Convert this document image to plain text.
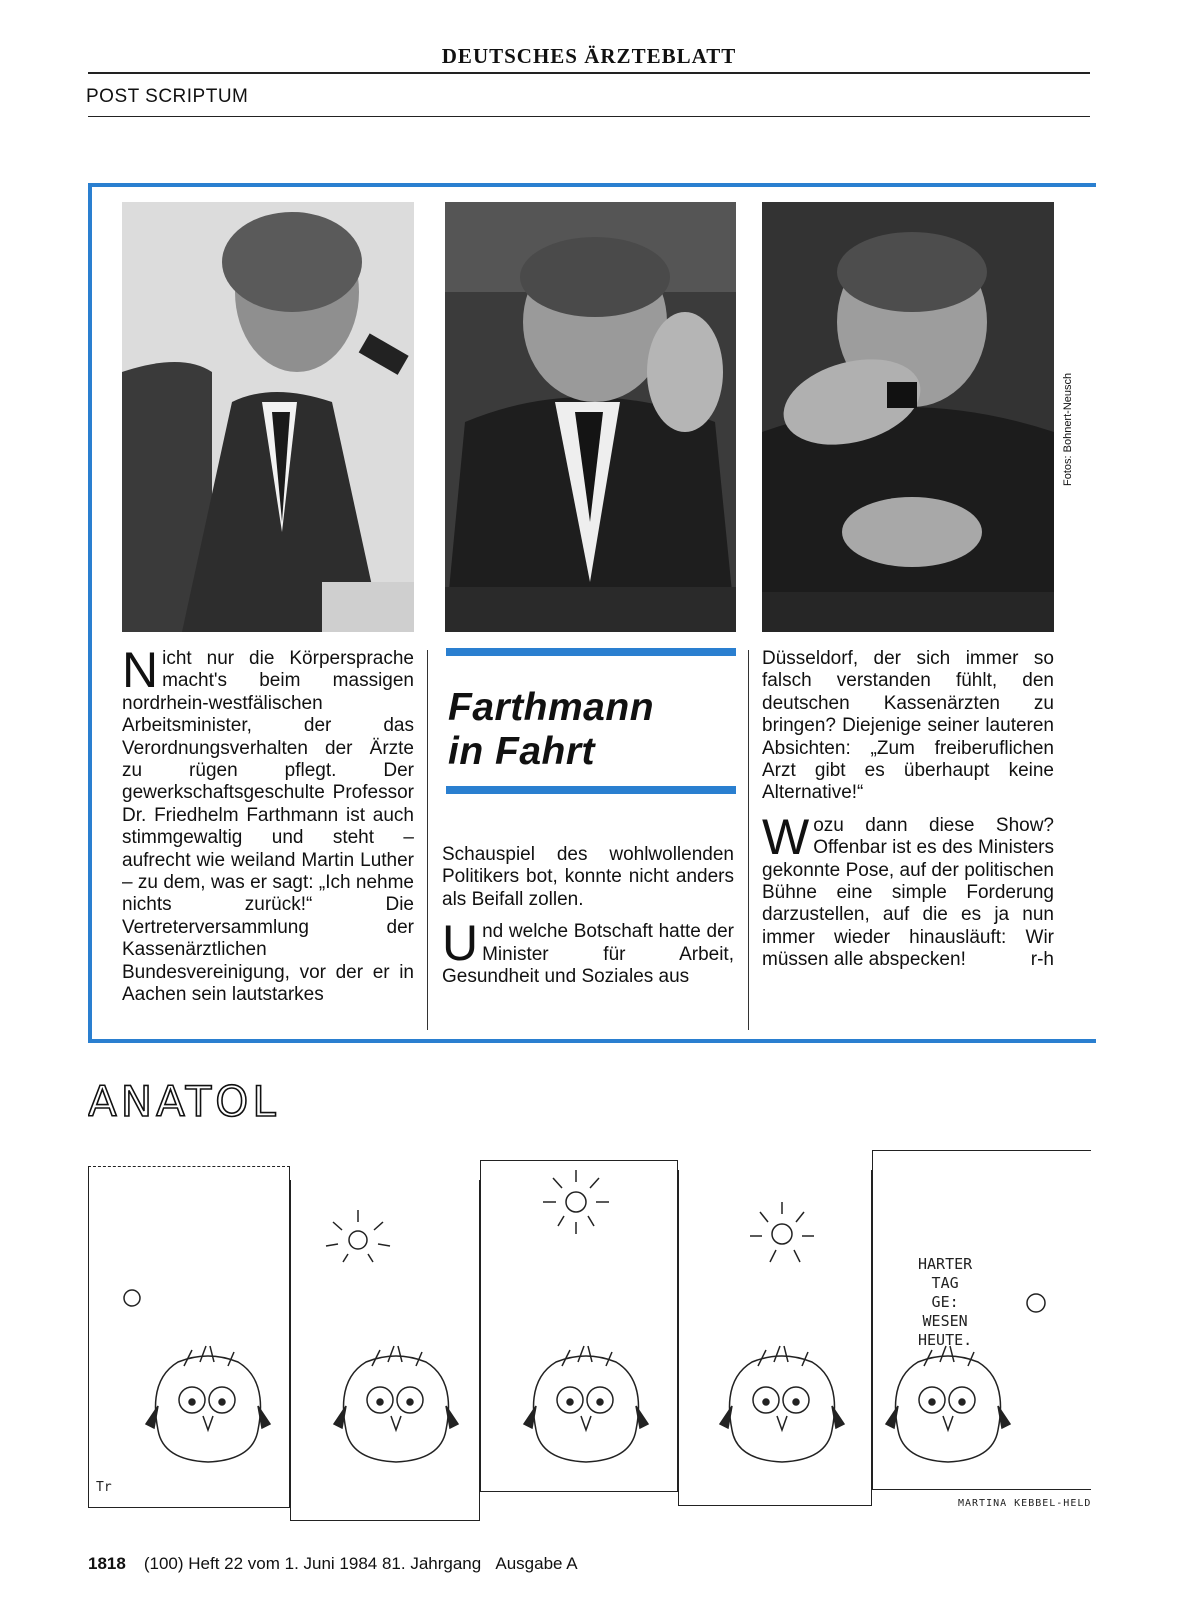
DEUTSCHES ÄRZTEBLATT
POST SCRIPTUM
Fotos: Bohnert-Neusch

Nicht nur die Körpersprache macht's beim massigen nordrhein-westfälischen Arbeitsminister, der das Verordnungsverhalten der Ärzte zu rügen pflegt. Der gewerkschaftsgeschulte Professor Dr. Friedhelm Farthmann ist auch stimmgewaltig und steht – aufrecht wie weiland Martin Luther – zu dem, was er sagt: „Ich nehme nichts zurück!“ Die Vertreterversammlung der Kassenärztlichen Bundesvereinigung, vor der er in Aachen sein lautstarkes

Farthmann
in Fahrt

Schauspiel des wohlwollenden Politikers bot, konnte nicht anders als Beifall zollen.

Und welche Botschaft hatte der Minister für Arbeit, Gesundheit und Soziales aus

Düsseldorf, der sich immer so falsch verstanden fühlt, den deutschen Kassenärzten zu bringen? Diejenige seiner lauteren Absichten: „Zum freiberuflichen Arzt gibt es überhaupt keine Alternative!“

Wozu dann diese Show? Offenbar ist es des Ministers gekonnte Pose, auf der politischen Bühne eine simple Forderung darzustellen, auf die es ja nun immer wieder hinausläuft: Wir müssen alle abspecken!	r-h

ANATOL
HARTER
TAG
GE:
WESEN
HEUTE.
Tr
MARTINA KEBBEL-HELD
1818 (100) Heft 22 vom 1. Juni 1984 81. Jahrgang Ausgabe A
